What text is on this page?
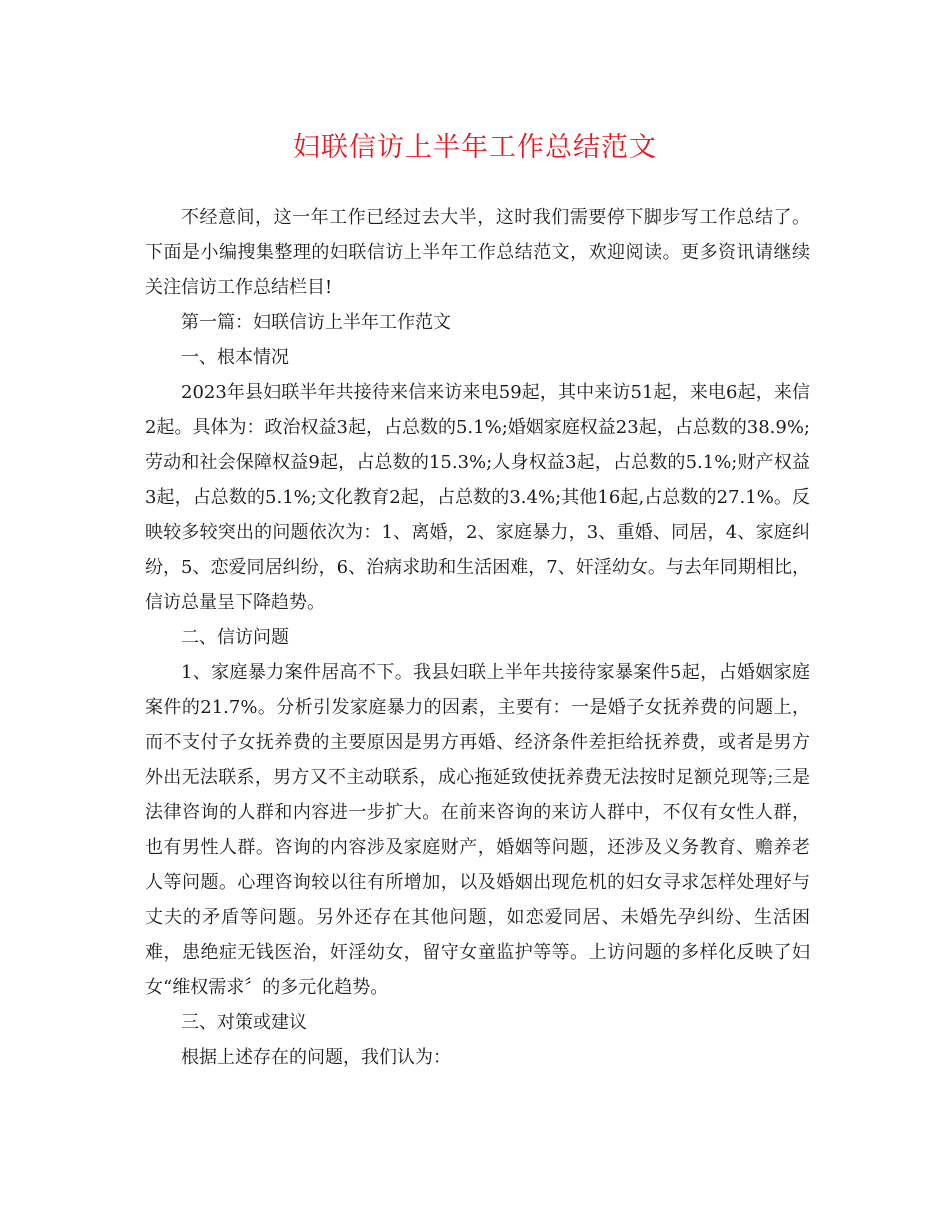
妇联信访上半年工作总结范文

不经意间，这一年工作已经过去大半，这时我们需要停下脚步写工作总结了。下面是小编搜集整理的妇联信访上半年工作总结范文，欢迎阅读。更多资讯请继续关注信访工作总结栏目!

第一篇：妇联信访上半年工作范文

一、根本情况

2023年县妇联半年共接待来信来访来电59起，其中来访51起，来电6起，来信2起。具体为：政治权益3起，占总数的5.1%;婚姻家庭权益23起，占总数的38.9%;劳动和社会保障权益9起，占总数的15.3%;人身权益3起，占总数的5.1%;财产权益3起，占总数的5.1%;文化教育2起，占总数的3.4%;其他16起,占总数的27.1%。反映较多较突出的问题依次为：1、离婚，2、家庭暴力，3、重婚、同居，4、家庭纠纷，5、恋爱同居纠纷，6、治病求助和生活困难，7、奸淫幼女。与去年同期相比，信访总量呈下降趋势。

二、信访问题

1、家庭暴力案件居高不下。我县妇联上半年共接待家暴案件5起，占婚姻家庭案件的21.7%。分析引发家庭暴力的因素，主要有：一是婚子女抚养费的问题上，而不支付子女抚养费的主要原因是男方再婚、经济条件差拒给抚养费，或者是男方外出无法联系，男方又不主动联系，成心拖延致使抚养费无法按时足额兑现等;三是法律咨询的人群和内容进一步扩大。在前来咨询的来访人群中，不仅有女性人群，也有男性人群。咨询的内容涉及家庭财产，婚姻等问题，还涉及义务教育、赡养老人等问题。心理咨询较以往有所增加，以及婚姻出现危机的妇女寻求怎样处理好与丈夫的矛盾等问题。另外还存在其他问题，如恋爱同居、未婚先孕纠纷、生活困难，患绝症无钱医治，奸淫幼女，留守女童监护等等。上访问题的多样化反映了妇女“维权需求〞的多元化趋势。

三、对策或建议

根据上述存在的问题，我们认为：
